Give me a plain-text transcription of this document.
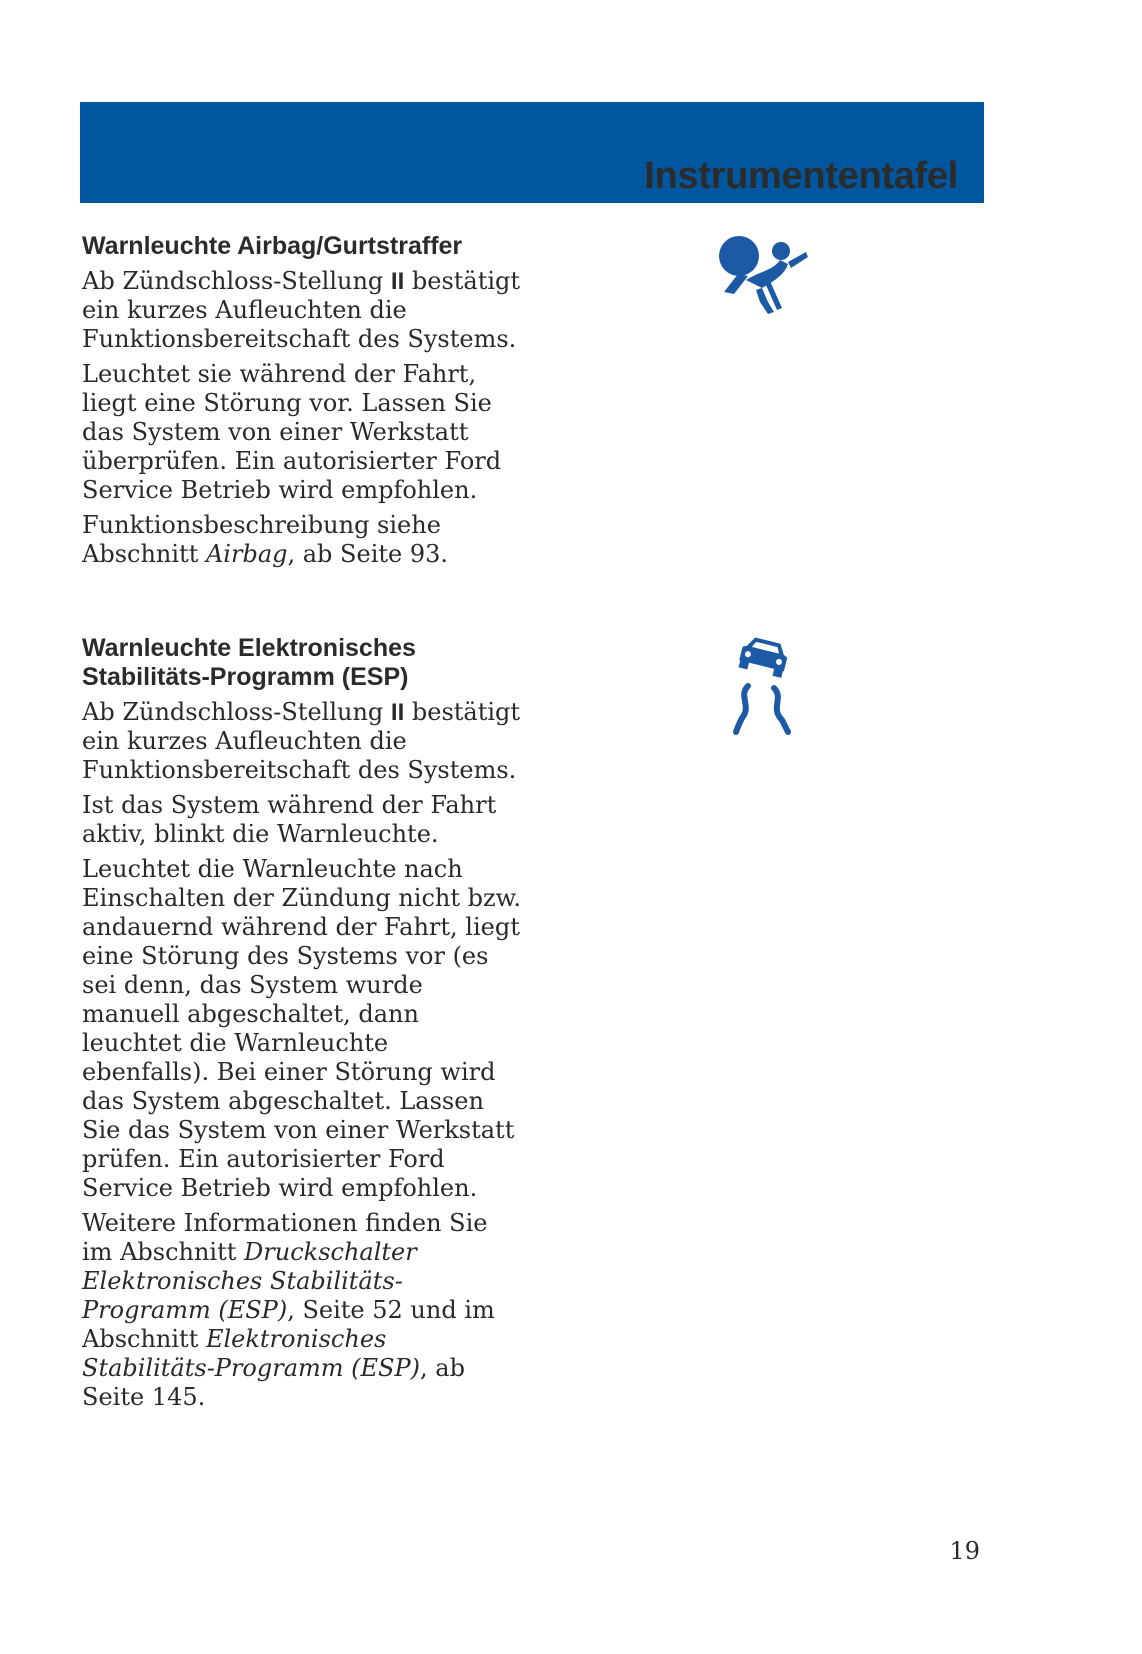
Instrumententafel
Warnleuchte Airbag/Gurtstraffer

Ab Zündschloss-Stellung II bestätigt ein kurzes Aufleuchten die Funktionsbereitschaft des Systems.

Leuchtet sie während der Fahrt, liegt eine Störung vor. Lassen Sie das System von einer Werkstatt überprüfen. Ein autorisierter Ford Service Betrieb wird empfohlen.

Funktionsbeschreibung siehe Abschnitt Airbag, ab Seite 93.

Warnleuchte Elektronisches Stabilitäts-Programm (ESP)

Ab Zündschloss-Stellung II bestätigt ein kurzes Aufleuchten die Funktionsbereitschaft des Systems.

Ist das System während der Fahrt aktiv, blinkt die Warnleuchte.

Leuchtet die Warnleuchte nach Einschalten der Zündung nicht bzw. andauernd während der Fahrt, liegt eine Störung des Systems vor (es sei denn, das System wurde manuell abgeschaltet, dann leuchtet die Warnleuchte ebenfalls). Bei einer Störung wird das System abgeschaltet. Lassen Sie das System von einer Werkstatt prüfen. Ein autorisierter Ford Service Betrieb wird empfohlen.

Weitere Informationen finden Sie im Abschnitt Druckschalter Elektronisches Stabilitäts-Programm (ESP), Seite 52 und im Abschnitt Elektronisches Stabilitäts-Programm (ESP), ab Seite 145.

19
